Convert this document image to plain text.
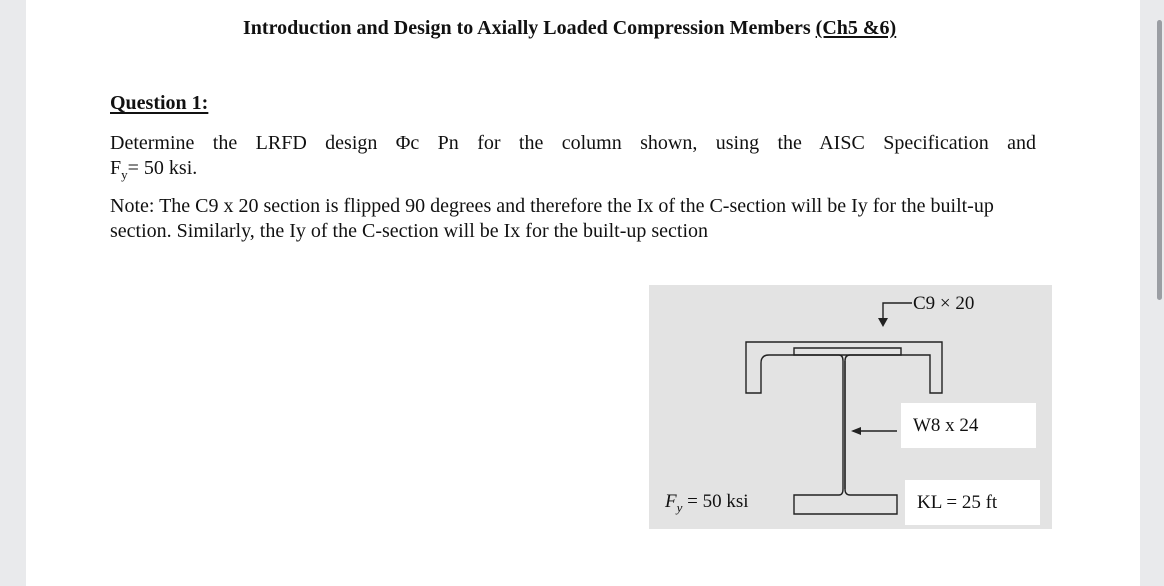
Introduction and Design to Axially Loaded Compression Members (Ch5 &6)
Question 1:
Determine the LRFD design Φc Pn for the column shown, using the AISC Specification and
$F_y= 50$ ksi.
Note: The C9 x 20 section is flipped 90 degrees and therefore the Ix of the C-section will be Iy for the built-up section. Similarly, the Iy of the C-section will be Ix for the built-up section
C9 × 20
W8 x 24
$F_y = 50$ ksi	KL = 25 ft
